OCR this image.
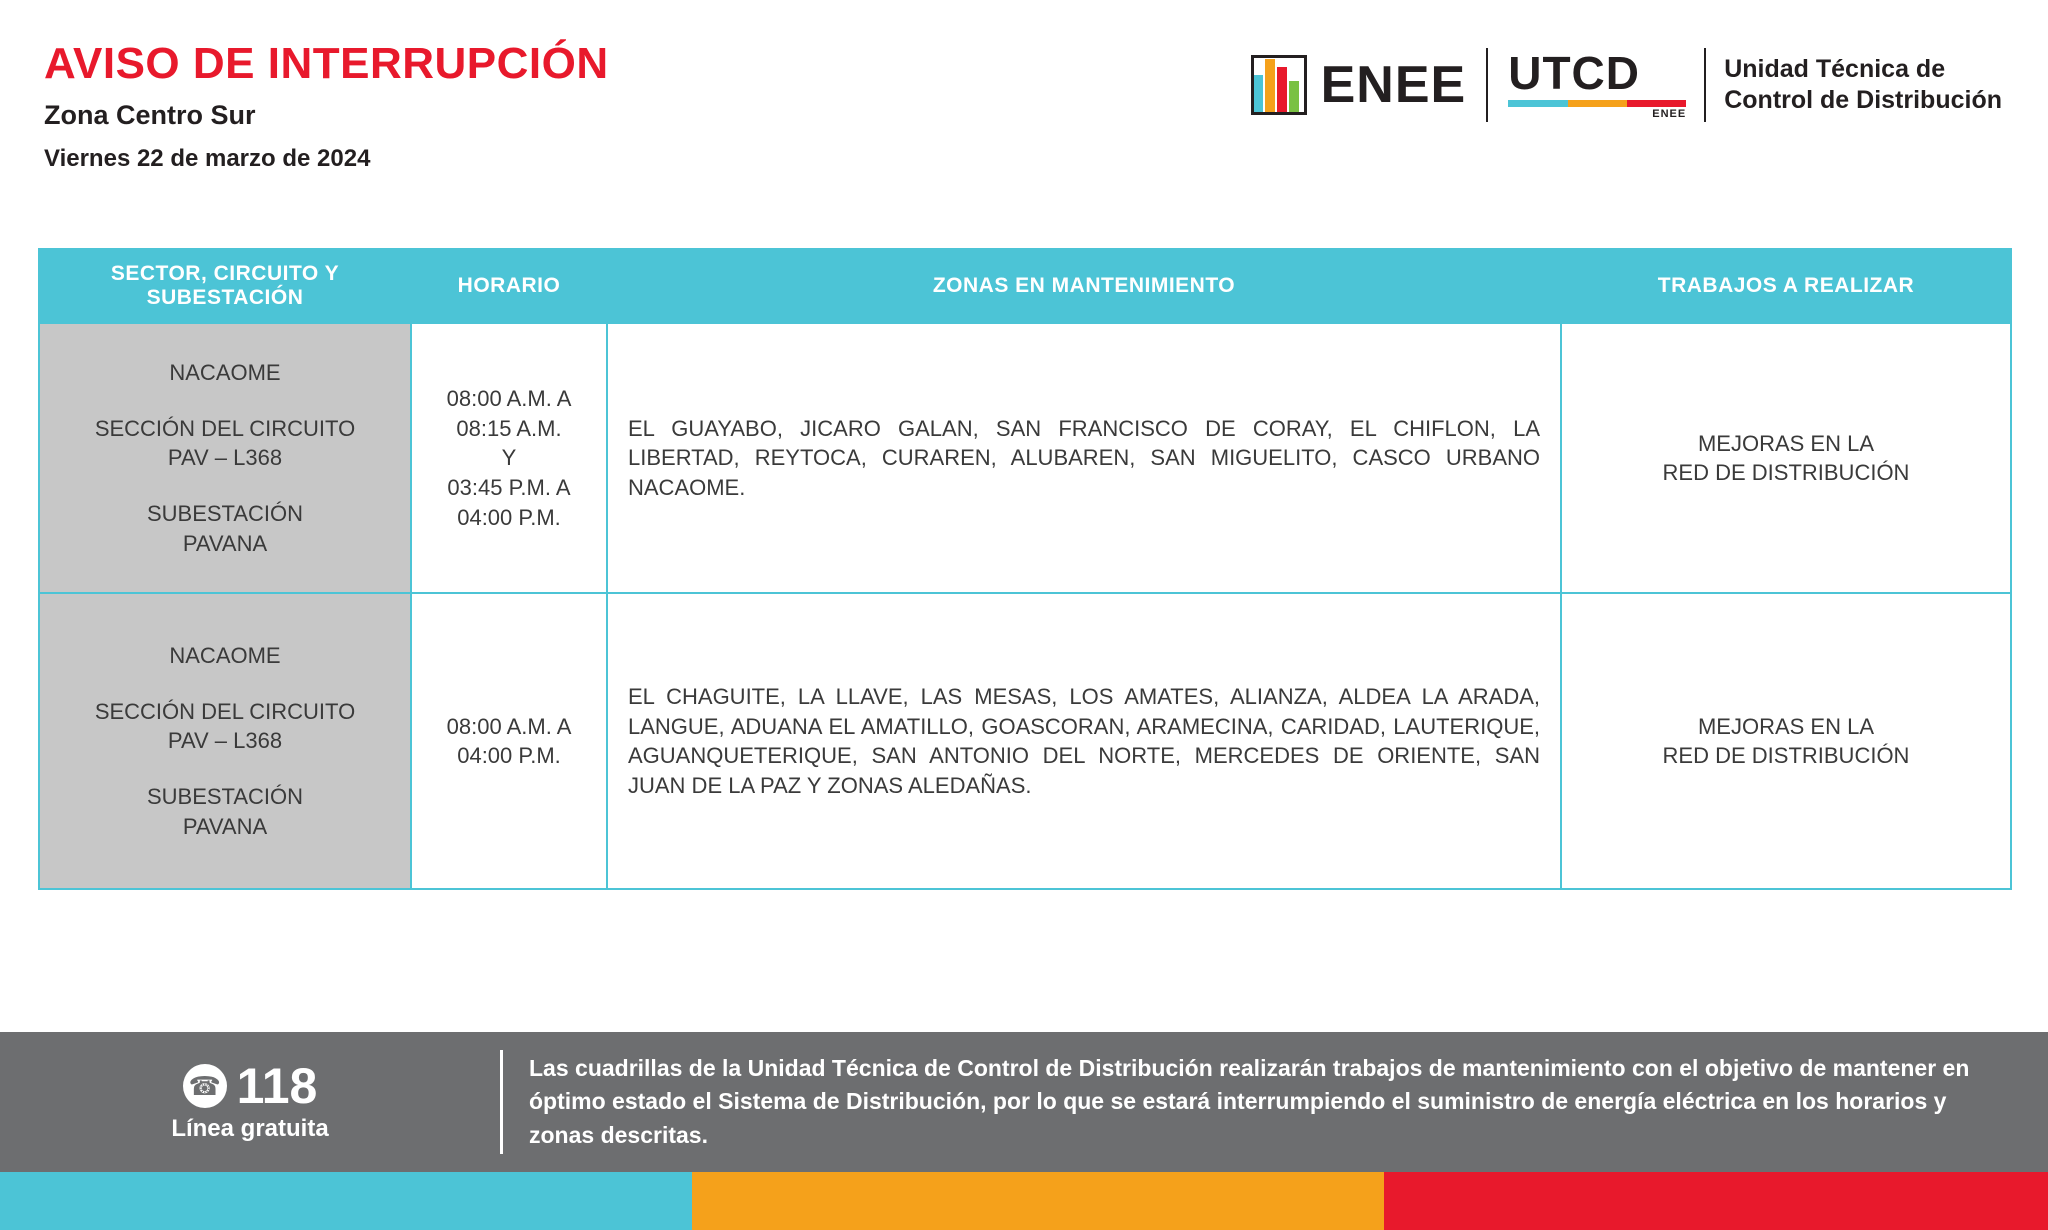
AVISO DE INTERRUPCIÓN
Zona Centro Sur
Viernes 22 de marzo de 2024
ENEE UTCD
ENEE
Unidad Técnica de
Control de Distribución
SECTOR, CIRCUITO Y
SUBESTACIÓN	HORARIO	ZONAS EN MANTENIMIENTO	TRABAJOS A REALIZAR

NACAOME
SECCIÓN DEL CIRCUITO
PAV – L368
SUBESTACIÓN
PAVANA	08:00 A.M. A
08:15 A.M.
Y
03:45 P.M. A
04:00 P.M.	EL GUAYABO, JICARO GALAN, SAN FRANCISCO DE CORAY, EL CHIFLON, LA LIBERTAD, REYTOCA, CURAREN, ALUBAREN, SAN MIGUELITO, CASCO URBANO NACAOME.	MEJORAS EN LA
RED DE DISTRIBUCIÓN

NACAOME
SECCIÓN DEL CIRCUITO
PAV – L368
SUBESTACIÓN
PAVANA
	08:00 A.M. A
04:00 P.M.	EL CHAGUITE, LA LLAVE, LAS MESAS, LOS AMATES, ALIANZA, ALDEA LA ARADA, LANGUE, ADUANA EL AMATILLO, GOASCORAN, ARAMECINA, CARIDAD, LAUTERIQUE, AGUANQUETERIQUE, SAN ANTONIO DEL NORTE, MERCEDES DE ORIENTE, SAN JUAN DE LA PAZ Y ZONAS ALEDAÑAS.	MEJORAS EN LA
RED DE DISTRIBUCIÓN
☎ 118
Línea gratuita
Las cuadrillas de la Unidad Técnica de Control de Distribución realizarán trabajos de mantenimiento con el objetivo de mantener en óptimo estado el Sistema de Distribución, por lo que se estará interrumpiendo el suministro de energía eléctrica en los horarios y zonas descritas.
